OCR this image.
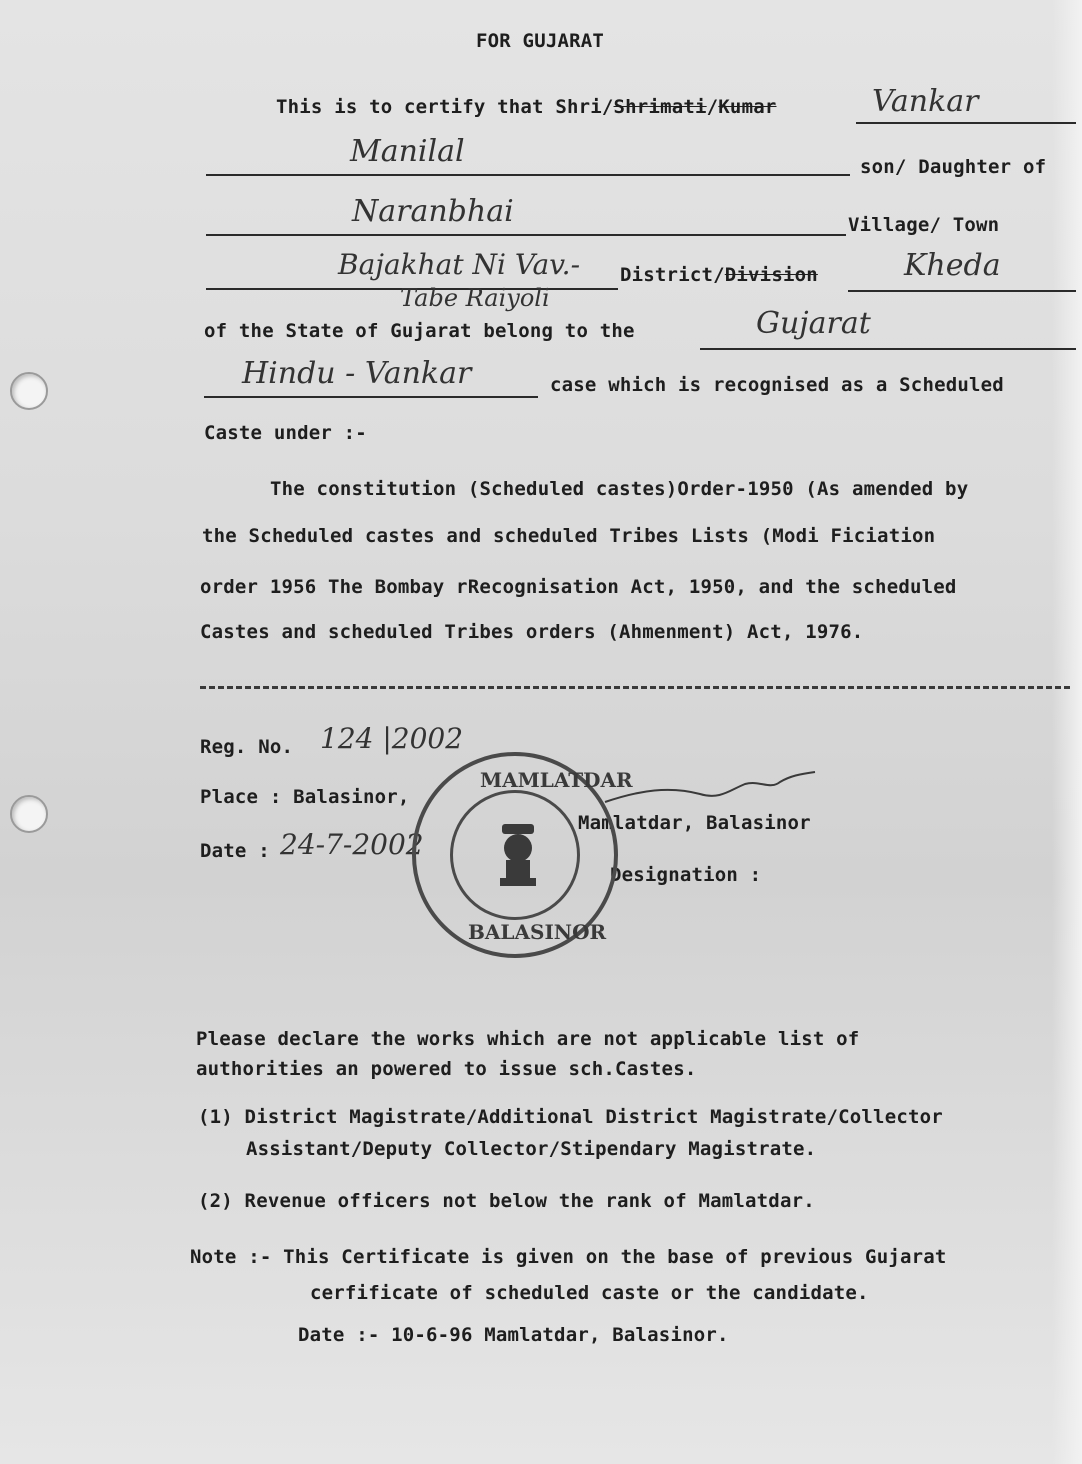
FOR GUJARAT
This is to certify that Shri/Shrimati/Kumar	Vankar
Manilal	son/ Daughter of
Naranbhai	Village/ Town
Bajakhat Ni Vav.-
Tabe Raiyoli
District/Division	Kheda
of the State of Gujarat belong to the	Gujarat
Hindu - Vankar	case which is recognised as a Scheduled
Caste under :-
The constitution (Scheduled castes)Order-1950 (As amended by
the Scheduled castes and scheduled Tribes Lists (Modi Ficiation
order 1956 The Bombay rRecognisation Act, 1950, and the scheduled
Castes and scheduled Tribes orders (Ahmenment) Act, 1976.
Reg. No. 124 |2002
Place : Balasinor,
Date : 24-7-2002
Mamlatdar, Balasinor
Designation :
MAMLATDAR
BALASINOR
Please declare the works which are not applicable list of
authorities an powered to issue sch.Castes.
(1) District Magistrate/Additional District Magistrate/Collector
Assistant/Deputy Collector/Stipendary Magistrate.
(2) Revenue officers not below the rank of Mamlatdar.
Note :- This Certificate is given on the base of previous Gujarat
cerfificate of scheduled caste or the candidate.
Date :- 10-6-96 Mamlatdar, Balasinor.
